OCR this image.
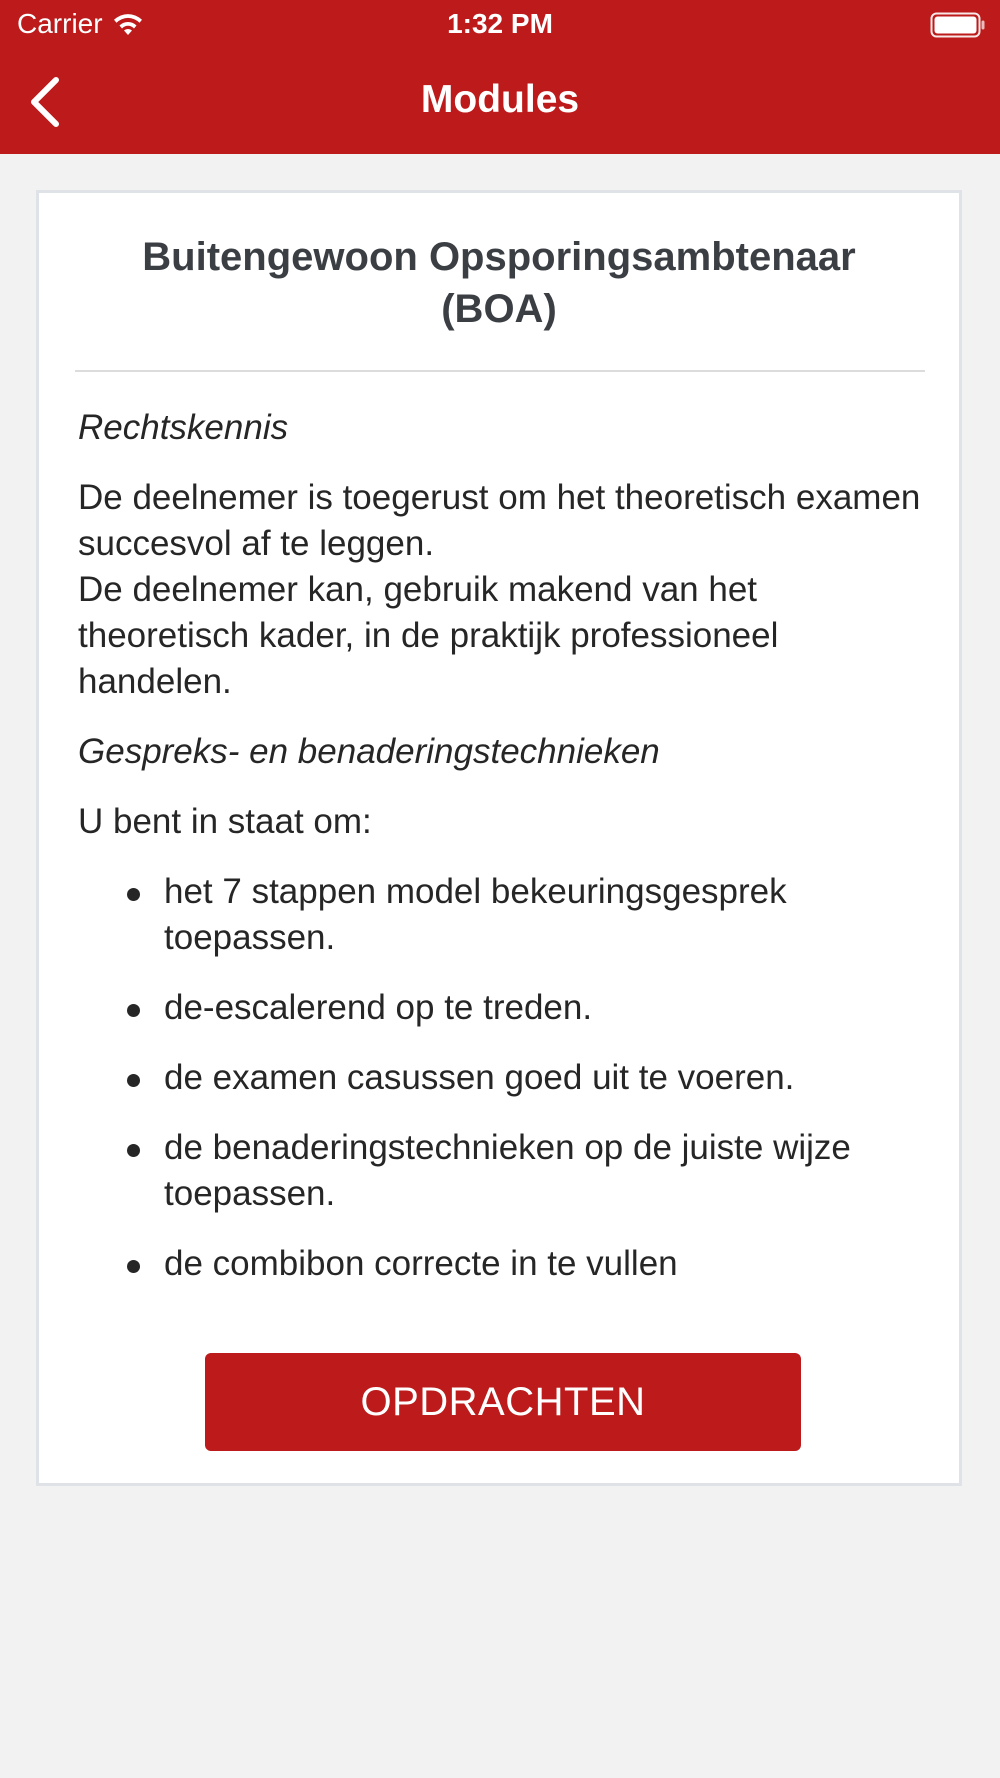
Carrier	1:32 PM
Modules
Buitengewoon Opsporingsambtenaar
(BOA)

Rechtskennis

De deelnemer is toegerust om het theoretisch examen succesvol af te leggen.
De deelnemer kan, gebruik makend van het theoretisch kader, in de praktijk professioneel handelen.

Gespreks- en benaderingstechnieken

U bent in staat om:

het 7 stappen model bekeuringsgesprek toepassen.
de-escalerend op te treden.
de examen casussen goed uit te voeren.
de benaderingstechnieken op de juiste wijze toepassen.
de combibon correcte in te vullen
OPDRACHTEN
